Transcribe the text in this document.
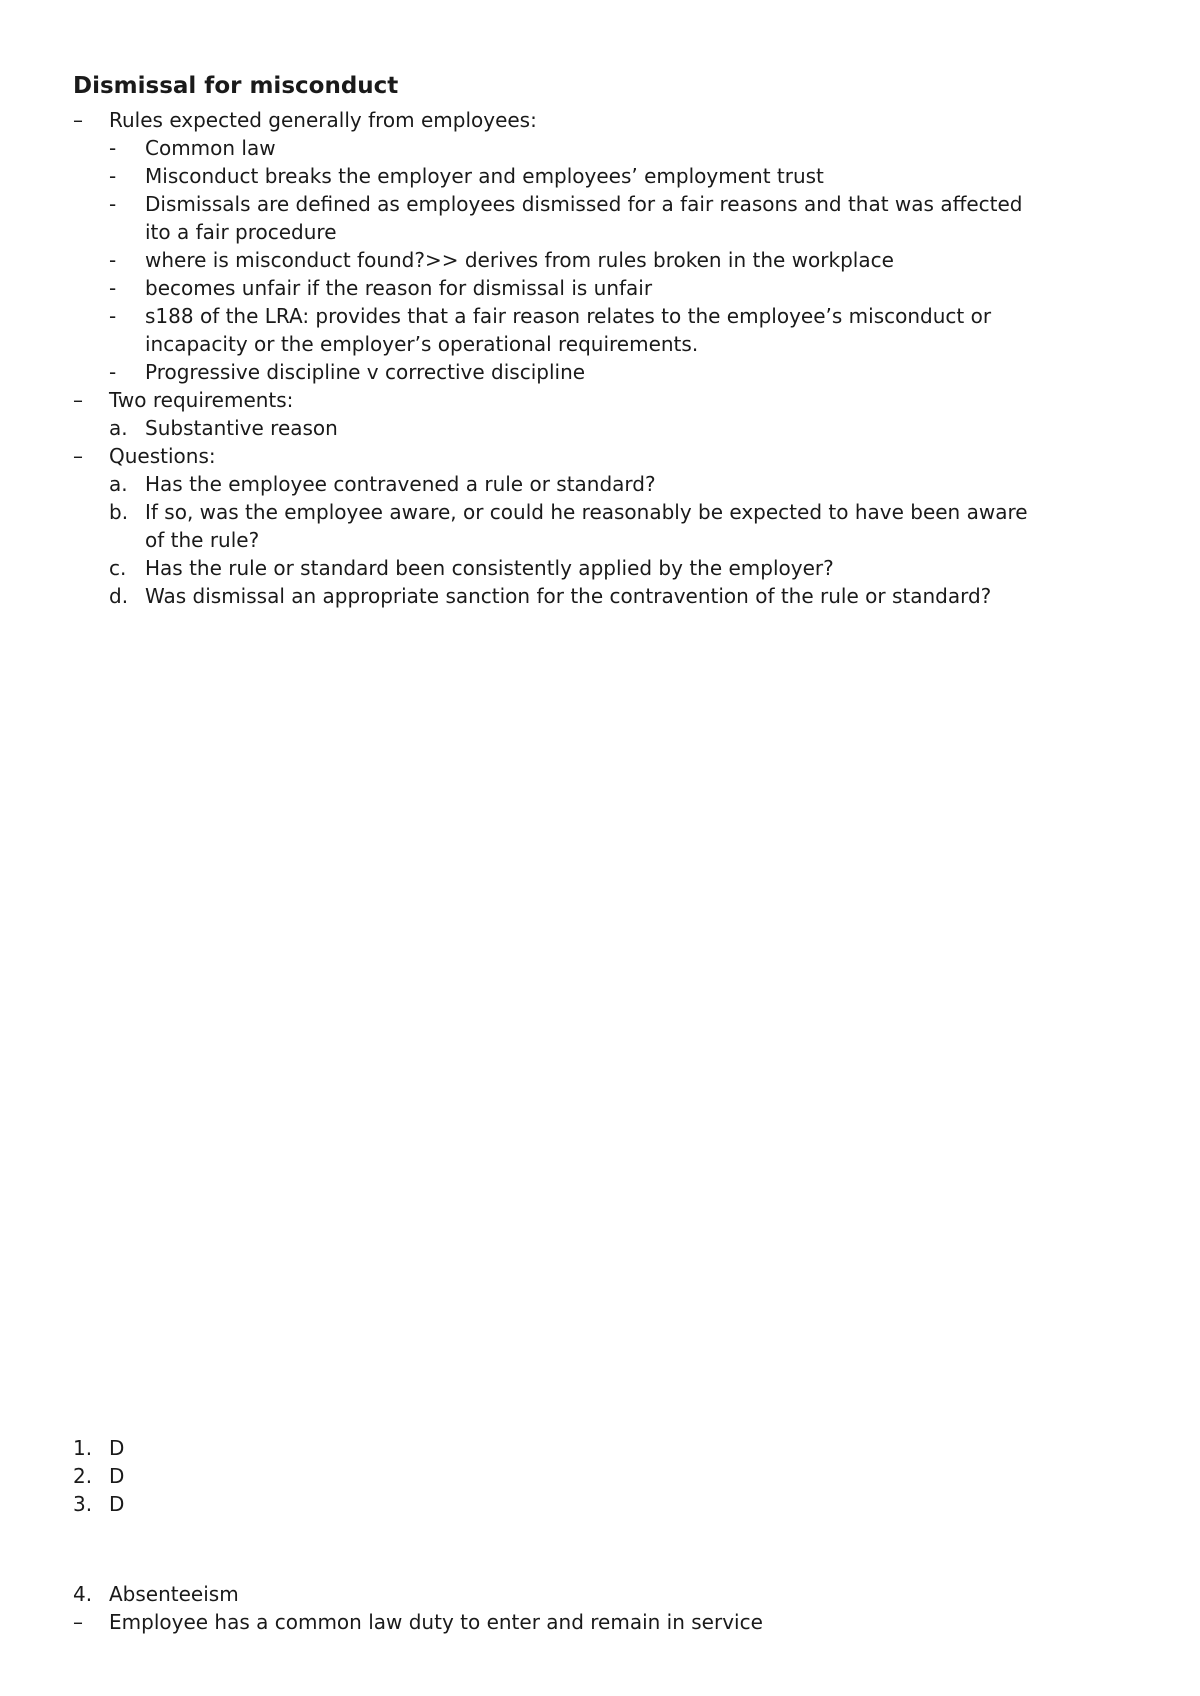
Dismissal for misconduct
– Rules expected generally from employees:
- Common law
- Misconduct breaks the employer and employees’ employment trust
- Dismissals are defined as employees dismissed for a fair reasons and that was affected
ito a fair procedure
- where is misconduct found?>> derives from rules broken in the workplace
- becomes unfair if the reason for dismissal is unfair
- s188 of the LRA: provides that a fair reason relates to the employee’s misconduct or
incapacity or the employer’s operational requirements.
- Progressive discipline v corrective discipline
– Two requirements:
a. Substantive reason
– Questions:
a. Has the employee contravened a rule or standard?
b. If so, was the employee aware, or could he reasonably be expected to have been aware
of the rule?
c. Has the rule or standard been consistently applied by the employer?
d. Was dismissal an appropriate sanction for the contravention of the rule or standard?
1. D
2. D
3. D
4. Absenteeism
– Employee has a common law duty to enter and remain in service
